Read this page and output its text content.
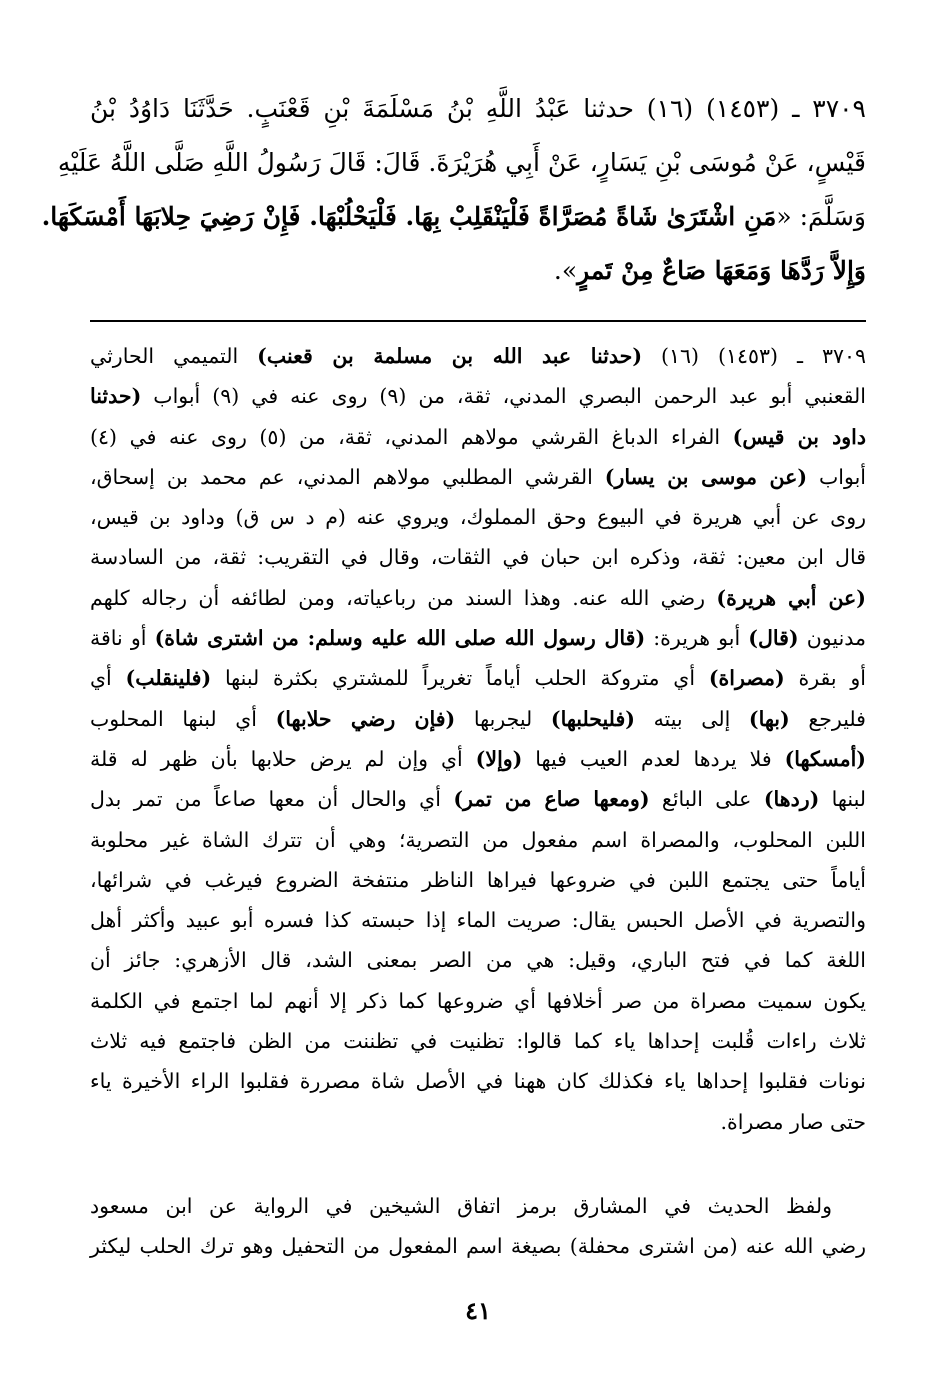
٣٧٠٩ ـ (١٤٥٣) (١٦) حدثنا عَبْدُ اللَّهِ بْنُ مَسْلَمَةَ بْنِ قَعْنَبٍ. حَدَّثَنَا دَاوُدُ بْنُ
قَيْسٍ، عَنْ مُوسَى بْنِ يَسَارٍ، عَنْ أَبِي هُرَيْرَةَ. قَالَ: قَالَ رَسُولُ اللَّهِ صَلَّى اللَّهُ عَلَيْهِ
وَسَلَّمَ: «مَنِ اشْتَرَىٰ شَاةً مُصَرَّاةً فَلْيَنْقَلِبْ بِهَا. فَلْيَحْلُبْهَا. فَإِنْ رَضِيَ حِلابَهَا أَمْسَكَهَا.
وَإِلاَّ رَدَّهَا وَمَعَهَا صَاعٌ مِنْ تَمرٍ».
٣٧٠٩ ـ (١٤٥٣) (١٦) (حدثنا عبد الله بن مسلمة بن قعنب) التميمي الحارثي
القعنبي أبو عبد الرحمن البصري المدني، ثقة، من (٩) روى عنه في (٩) أبواب (حدثنا
داود بن قيس) الفراء الدباغ القرشي مولاهم المدني، ثقة، من (٥) روى عنه في (٤)
أبواب (عن موسى بن يسار) القرشي المطلبي مولاهم المدني، عم محمد بن إسحاق،
روى عن أبي هريرة في البيوع وحق المملوك، ويروي عنه (م د س ق) وداود بن قيس،
قال ابن معين: ثقة، وذكره ابن حبان في الثقات، وقال في التقريب: ثقة، من السادسة
(عن أبي هريرة) رضي الله عنه. وهذا السند من رباعياته، ومن لطائفه أن رجاله كلهم
مدنيون (قال) أبو هريرة: (قال رسول الله صلى الله عليه وسلم: من اشترى شاة) أو ناقة
أو بقرة (مصراة) أي متروكة الحلب أياماً تغريراً للمشتري بكثرة لبنها (فلينقلب) أي
فليرجع (بها) إلى بيته (فليحلبها) ليجربها (فإن رضي حلابها) أي لبنها المحلوب
(أمسكها) فلا يردها لعدم العيب فيها (وإلا) أي وإن لم يرض حلابها بأن ظهر له قلة
لبنها (ردها) على البائع (ومعها صاع من تمر) أي والحال أن معها صاعاً من تمر بدل
اللبن المحلوب، والمصراة اسم مفعول من التصرية؛ وهي أن تترك الشاة غير محلوبة
أياماً حتى يجتمع اللبن في ضروعها فيراها الناظر منتفخة الضروع فيرغب في شرائها،
والتصرية في الأصل الحبس يقال: صريت الماء إذا حبسته كذا فسره أبو عبيد وأكثر أهل
اللغة كما في فتح الباري، وقيل: هي من الصر بمعنى الشد، قال الأزهري: جائز أن
يكون سميت مصراة من صر أخلافها أي ضروعها كما ذكر إلا أنهم لما اجتمع في الكلمة
ثلاث راءات قُلبت إحداها ياء كما قالوا: تظنيت في تظننت من الظن فاجتمع فيه ثلاث
نونات فقلبوا إحداها ياء فكذلك كان ههنا في الأصل شاة مصررة فقلبوا الراء الأخيرة ياء
حتى صار مصراة.
ولفظ الحديث في المشارق برمز اتفاق الشيخين في الرواية عن ابن مسعود
رضي الله عنه (من اشترى محفلة) بصيغة اسم المفعول من التحفيل وهو ترك الحلب ليكثر
٤١
